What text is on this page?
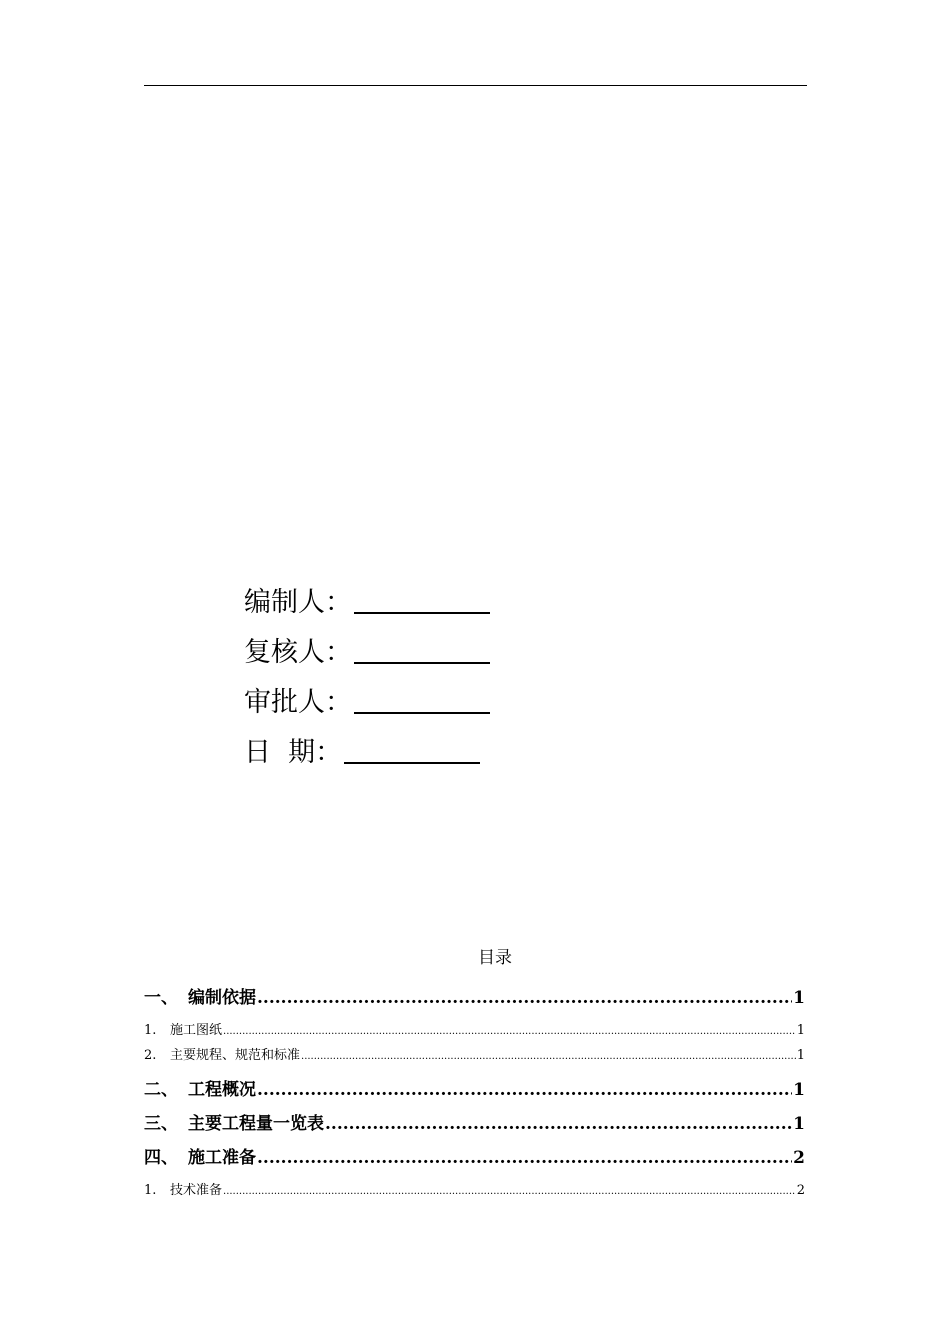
编制人：
复核人：
审批人：
日  期：
目录
一、 编制依据 .....	1
1.	施工图纸 .....	1
2.	主要规程、规范和标准 .....	1
二、 工程概况 .....	1
三、 主要工程量一览表 .....	1
四、 施工准备 .....	2
1.	技术准备 .....	2
